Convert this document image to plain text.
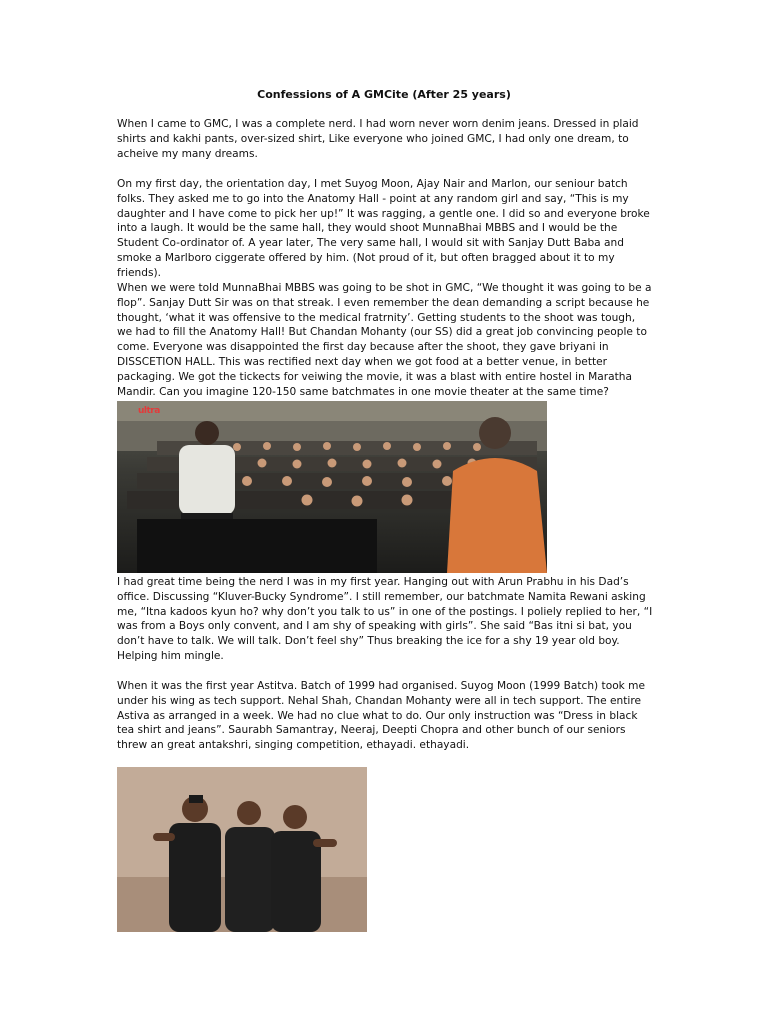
Confessions of A GMCite (After 25 years)
When I came to GMC, I was a complete nerd. I had worn never worn denim jeans. Dressed in plaid shirts and kakhi pants, over-sized shirt, Like everyone who joined GMC, I had only one dream, to acheive my many dreams.
On my first day, the orientation day, I met Suyog Moon, Ajay Nair and Marlon, our seniour batch folks. They asked me to go into the Anatomy Hall - point at any random girl and say, “This is my daughter and I have come to pick her up!” It was ragging, a gentle one. I did so and everyone broke into a laugh. It would be the same hall, they would shoot MunnaBhai MBBS and I would be the Student Co-ordinator of. A year later, The very same hall, I would sit with Sanjay Dutt Baba and smoke a Marlboro ciggerate offered by him. (Not proud of it, but often bragged about it to my friends).
When we were told MunnaBhai MBBS was going to be shot in GMC, “We thought it was going to be a flop”. Sanjay Dutt Sir was on that streak. I even remember the dean demanding a script because he thought, ‘what it was offensive to the medical fratrnity’. Getting students to the shoot was tough, we had to fill the Anatomy Hall! But Chandan Mohanty (our SS) did a great job convincing people to come. Everyone was disappointed the first day because after the shoot, they gave briyani in DISSCETION HALL. This was rectified next day when we got food at a better venue, in better packaging. We got the tickects for veiwing the movie, it was a blast with entire hostel in Maratha Mandir. Can you imagine 120-150 same batchmates in one movie theater at the same time?
ultra
I had great time being the nerd I was in my first year. Hanging out with Arun Prabhu in his Dad’s office. Discussing “Kluver-Bucky Syndrome”. I still remember, our batchmate Namita Rewani asking me, “Itna kadoos kyun ho? why don’t you talk to us” in one of the postings. I poliely replied to her, “I was from a Boys only convent, and I am shy of speaking with girls”. She said “Bas itni si bat, you don’t have to talk. We will talk. Don’t feel shy” Thus breaking the ice for a shy 19 year old boy. Helping him mingle.
When it was the first year Astitva. Batch of 1999 had organised. Suyog Moon (1999 Batch) took me under his wing as tech support. Nehal Shah, Chandan Mohanty were all in tech support. The entire Astiva as arranged in a week. We had no clue what to do. Our only instruction was “Dress in black tea shirt and jeans”. Saurabh Samantray, Neeraj, Deepti Chopra and other bunch of our seniors threw an great antakshri, singing competition, ethayadi. ethayadi.
